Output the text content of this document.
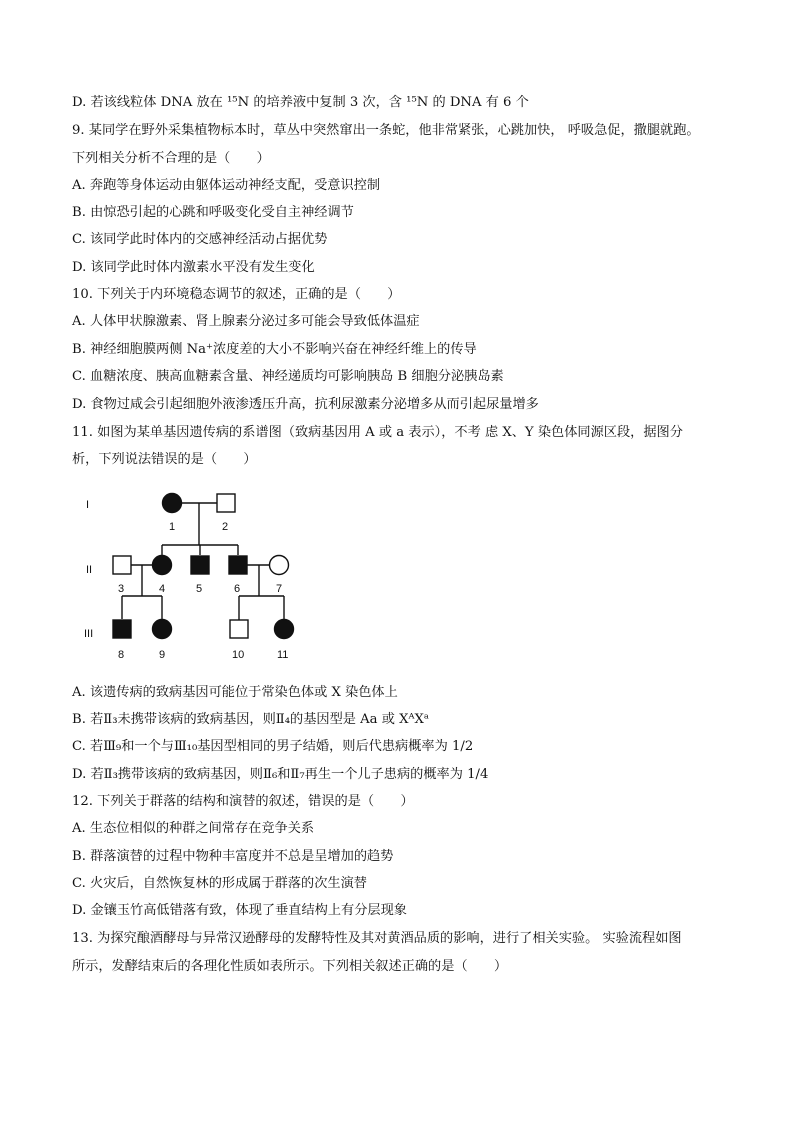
D. 若该线粒体 DNA 放在 ¹⁵N 的培养液中复制 3 次，含 ¹⁵N 的 DNA 有 6 个
9. 某同学在野外采集植物标本时，草丛中突然窜出一条蛇，他非常紧张，心跳加快， 呼吸急促，撒腿就跑。
下列相关分析不合理的是（　　）
A. 奔跑等身体运动由躯体运动神经支配，受意识控制
B. 由惊恐引起的心跳和呼吸变化受自主神经调节
C. 该同学此时体内的交感神经活动占据优势
D. 该同学此时体内激素水平没有发生变化
10. 下列关于内环境稳态调节的叙述，正确的是（　　）
A. 人体甲状腺激素、肾上腺素分泌过多可能会导致低体温症
B. 神经细胞膜两侧 Na⁺浓度差的大小不影响兴奋在神经纤维上的传导
C. 血糖浓度、胰高血糖素含量、神经递质均可影响胰岛 B 细胞分泌胰岛素
D. 食物过咸会引起细胞外液渗透压升高，抗利尿激素分泌增多从而引起尿量增多
11. 如图为某单基因遗传病的系谱图（致病基因用 A 或 a 表示），不考 虑 X、Y 染色体同源区段，据图分
析，下列说法错误的是（　　）
I
II
III
1	2
3	4	5	6	7
8	9	10	11
A. 该遗传病的致病基因可能位于常染色体或 X 染色体上
B. 若Ⅱ₃未携带该病的致病基因，则Ⅱ₄的基因型是 Aa 或 XᴬXᵃ
C. 若Ⅲ₉和一个与Ⅲ₁₀基因型相同的男子结婚，则后代患病概率为 1/2
D. 若Ⅱ₃携带该病的致病基因，则Ⅱ₆和Ⅱ₇再生一个儿子患病的概率为 1/4
12. 下列关于群落的结构和演替的叙述，错误的是（　　）
A. 生态位相似的种群之间常存在竞争关系
B. 群落演替的过程中物种丰富度并不总是呈增加的趋势
C. 火灾后，自然恢复林的形成属于群落的次生演替
D. 金镶玉竹高低错落有致，体现了垂直结构上有分层现象
13. 为探究酿酒酵母与异常汉逊酵母的发酵特性及其对黄酒品质的影响，进行了相关实验。 实验流程如图
所示，发酵结束后的各理化性质如表所示。下列相关叙述正确的是（　　）
